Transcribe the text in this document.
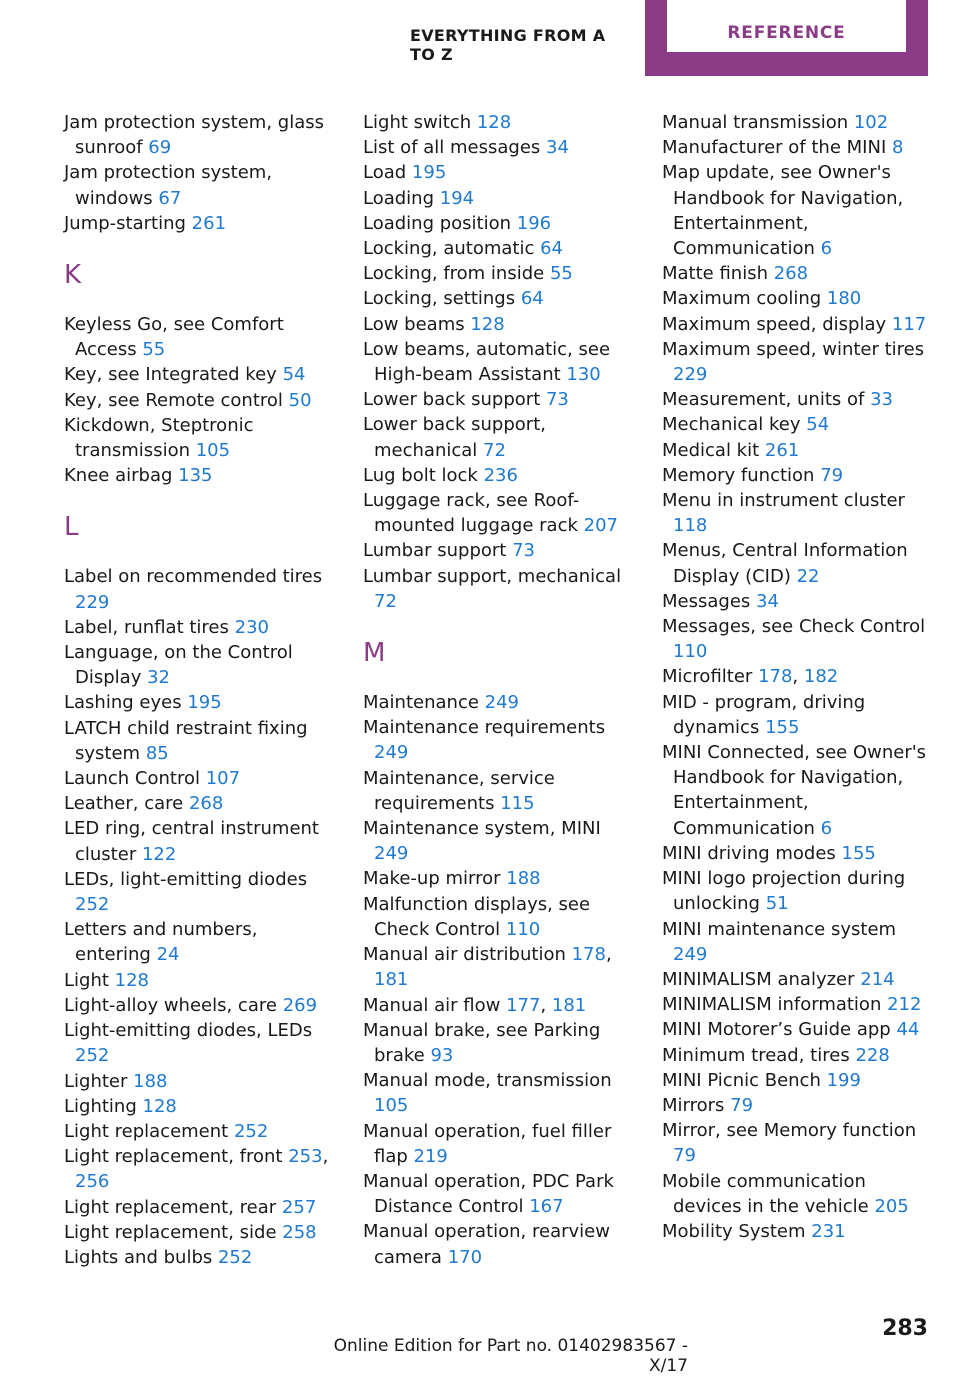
EVERYTHING FROM A TO Z
REFERENCE

Jam protection system, glass sunroof 69

Jam protection system, windows 67

Jump-starting 261

K

Keyless Go, see Comfort Access 55

Key, see Integrated key 54

Key, see Remote control 50

Kickdown, Steptronic transmission 105

Knee airbag 135

L

Label on recommended tires 229

Label, runflat tires 230

Language, on the Control Display 32

Lashing eyes 195

LATCH child restraint fixing system 85

Launch Control 107

Leather, care 268

LED ring, central instrument cluster 122

LEDs, light-emitting diodes 252

Letters and numbers, entering 24

Light 128

Light-alloy wheels, care 269

Light-emitting diodes, LEDs 252

Lighter 188

Lighting 128

Light replacement 252

Light replacement, front 253, 256

Light replacement, rear 257

Light replacement, side 258

Lights and bulbs 252

Light switch 128

List of all messages 34

Load 195

Loading 194

Loading position 196

Locking, automatic 64

Locking, from inside 55

Locking, settings 64

Low beams 128

Low beams, automatic, see High-beam Assistant 130

Lower back support 73

Lower back support, mechanical 72

Lug bolt lock 236

Luggage rack, see Roof-mounted luggage rack 207

Lumbar support 73

Lumbar support, mechanical 72

M

Maintenance 249

Maintenance requirements 249

Maintenance, service requirements 115

Maintenance system, MINI 249

Make-up mirror 188

Malfunction displays, see Check Control 110

Manual air distribution 178, 181

Manual air flow 177, 181

Manual brake, see Parking brake 93

Manual mode, transmission 105

Manual operation, fuel filler flap 219

Manual operation, PDC Park Distance Control 167

Manual operation, rearview camera 170

Manual transmission 102

Manufacturer of the MINI 8

Map update, see Owner's Handbook for Navigation, Entertainment, Communication 6

Matte finish 268

Maximum cooling 180

Maximum speed, display 117

Maximum speed, winter tires 229

Measurement, units of 33

Mechanical key 54

Medical kit 261

Memory function 79

Menu in instrument cluster 118

Menus, Central Information Display (CID) 22

Messages 34

Messages, see Check Control 110

Microfilter 178, 182

MID - program, driving dynamics 155

MINI Connected, see Owner's Handbook for Navigation, Entertainment, Communication 6

MINI driving modes 155

MINI logo projection during unlocking 51

MINI maintenance system 249

MINIMALISM analyzer 214

MINIMALISM information 212

MINI Motorer’s Guide app 44

Minimum tread, tires 228

MINI Picnic Bench 199

Mirrors 79

Mirror, see Memory function 79

Mobile communication devices in the vehicle 205

Mobility System 231

283
Online Edition for Part no. 01402983567 - X/17
